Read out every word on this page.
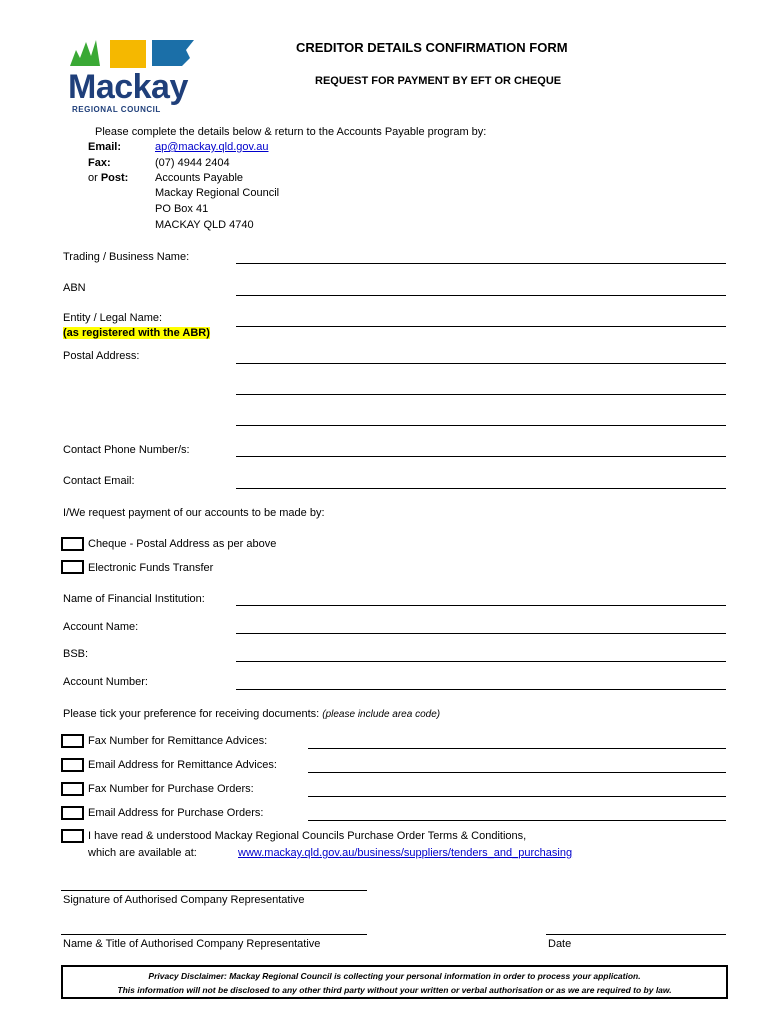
Mackay
REGIONAL COUNCIL
CREDITOR DETAILS CONFIRMATION FORM
REQUEST FOR PAYMENT BY EFT OR CHEQUE
Please complete the details below & return to the Accounts Payable program by:
Email:	ap@mackay.qld.gov.au
Fax:	(07) 4944 2404
or Post: Accounts Payable
Mackay Regional Council
PO Box 41
MACKAY QLD 4740
Trading / Business Name:
ABN
Entity / Legal Name:
(as registered with the ABR)
Postal Address:
Contact Phone Number/s:
Contact Email:
I/We request payment of our accounts to be made by:
Cheque - Postal Address as per above
Electronic Funds Transfer
Name of Financial Institution:
Account Name:
BSB:
Account Number:
Please tick your preference for receiving documents: (please include area code)
Fax Number for Remittance Advices:
Email Address for Remittance Advices:
Fax Number for Purchase Orders:
Email Address for Purchase Orders:
I have read & understood Mackay Regional Councils Purchase Order Terms & Conditions,
which are available at:	www.mackay.qld.gov.au/business/suppliers/tenders_and_purchasing
Signature of Authorised Company Representative
Name & Title of Authorised Company Representative	Date
Privacy Disclaimer: Mackay Regional Council is collecting your personal information in order to process your application.
This information will not be disclosed to any other third party without your written or verbal authorisation or as we are required to by law.
